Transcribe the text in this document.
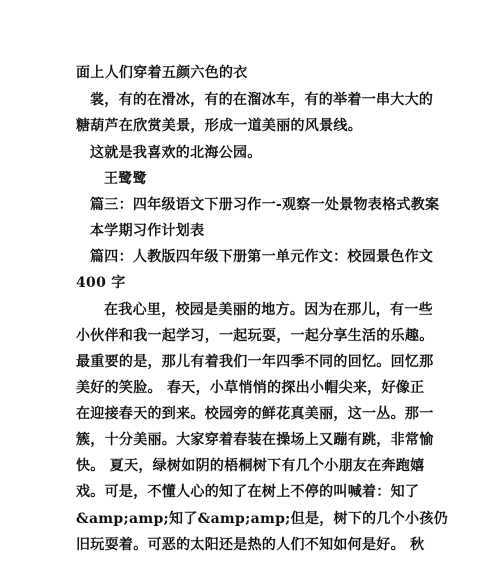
面上人们穿着五颜六色的衣
裳，有的在滑冰，有的在溜冰车，有的举着一串大大的
糖葫芦在欣赏美景，形成一道美丽的风景线。
这就是我喜欢的北海公园。
王鹭鹭
篇三：四年级语文下册习作一-观察一处景物表格式教案
本学期习作计划表
篇四：人教版四年级下册第一单元作文：校园景色作文
400 字
在我心里，校园是美丽的地方。因为在那儿，有一些
小伙伴和我一起学习，一起玩耍，一起分享生活的乐趣。
最重要的是，那儿有着我们一年四季不同的回忆。回忆那
美好的笑脸。 春天，小草悄悄的探出小帽尖来，好像正
在迎接春天的到来。校园旁的鲜花真美丽，这一丛。那一
簇，十分美丽。大家穿着春装在操场上又蹦有跳，非常愉
快。 夏天，绿树如阴的梧桐树下有几个小朋友在奔跑嬉
戏。可是，不懂人心的知了在树上不停的叫喊着：知了
&amp;amp;知了&amp;amp;但是，树下的几个小孩仍
旧玩耍着。可恶的太阳还是热的人们不知如何是好。 秋
